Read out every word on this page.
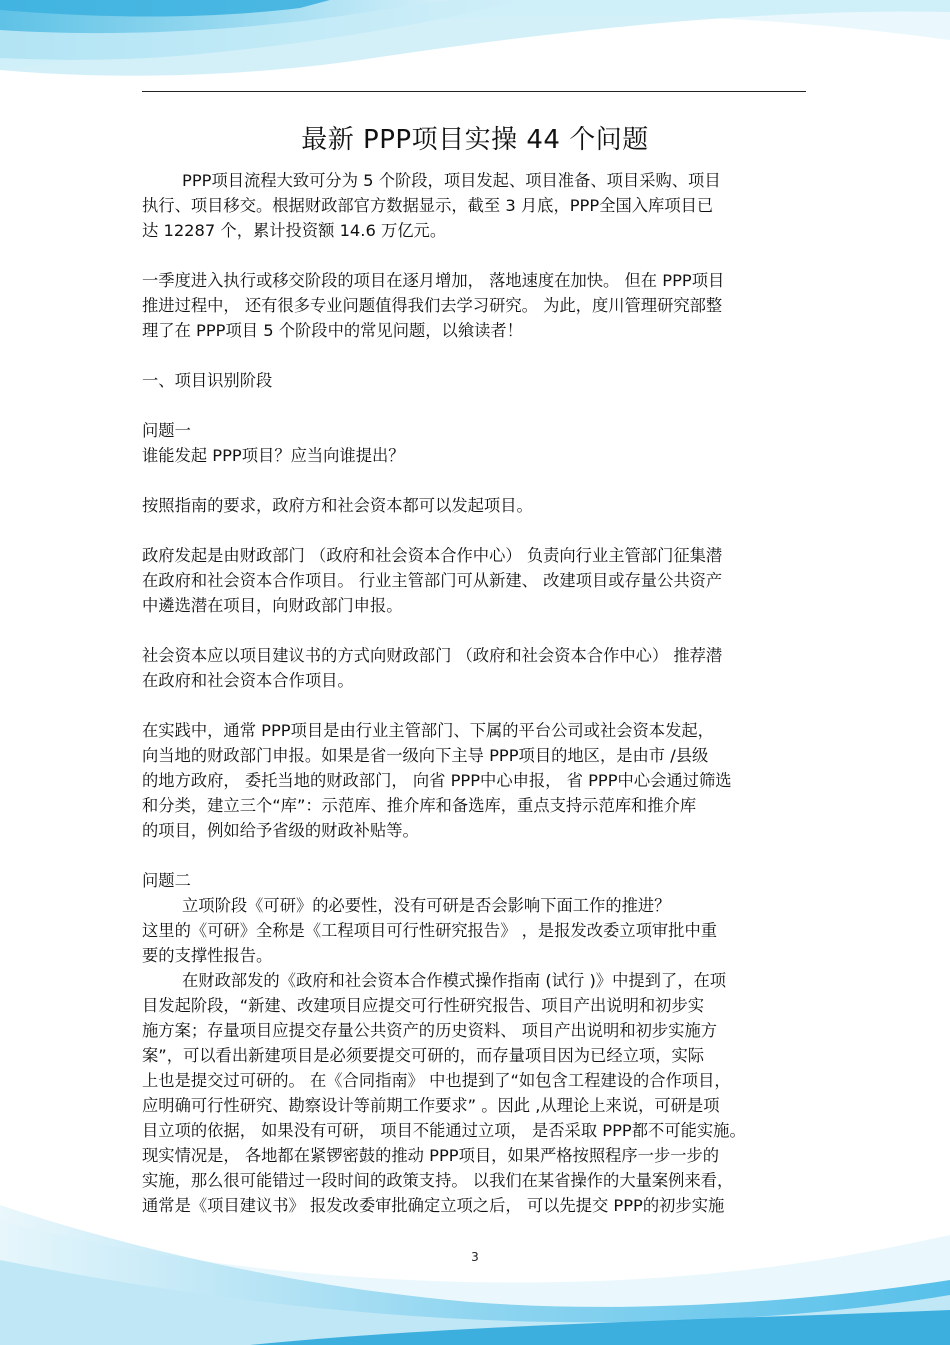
最新 PPP项目实操 44 个问题
PPP项目流程大致可分为 5 个阶段，项目发起、项目准备、项目采购、项目
执行、项目移交。根据财政部官方数据显示，截至 3 月底，PPP全国入库项目已
达 12287 个，累计投资额 14.6 万亿元。
一季度进入执行或移交阶段的项目在逐月增加， 落地速度在加快。 但在 PPP项目
推进过程中， 还有很多专业问题值得我们去学习研究。 为此，度川管理研究部整
理了在 PPP项目 5 个阶段中的常见问题，以飨读者！
一、项目识别阶段
问题一
谁能发起 PPP项目？应当向谁提出？
按照指南的要求，政府方和社会资本都可以发起项目。
政府发起是由财政部门 （政府和社会资本合作中心） 负责向行业主管部门征集潜
在政府和社会资本合作项目。 行业主管部门可从新建、 改建项目或存量公共资产
中遴选潜在项目，向财政部门申报。
社会资本应以项目建议书的方式向财政部门 （政府和社会资本合作中心） 推荐潜
在政府和社会资本合作项目。
在实践中，通常 PPP项目是由行业主管部门、下属的平台公司或社会资本发起，
向当地的财政部门申报。如果是省一级向下主导 PPP项目的地区，是由市 /县级
的地方政府， 委托当地的财政部门， 向省 PPP中心申报， 省 PPP中心会通过筛选
和分类，建立三个“库”：示范库、推介库和备选库，重点支持示范库和推介库
的项目，例如给予省级的财政补贴等。
问题二
立项阶段《可研》的必要性，没有可研是否会影响下面工作的推进？
这里的《可研》全称是《工程项目可行性研究报告》 ，是报发改委立项审批中重
要的支撑性报告。
在财政部发的《政府和社会资本合作模式操作指南 (试行 )》中提到了，在项
目发起阶段，“新建、改建项目应提交可行性研究报告、项目产出说明和初步实
施方案；存量项目应提交存量公共资产的历史资料、 项目产出说明和初步实施方
案”，可以看出新建项目是必须要提交可研的，而存量项目因为已经立项，实际
上也是提交过可研的。 在《合同指南》 中也提到了“如包含工程建设的合作项目，
应明确可行性研究、勘察设计等前期工作要求” 。因此 ,从理论上来说，可研是项
目立项的依据， 如果没有可研， 项目不能通过立项， 是否采取 PPP都不可能实施。
现实情况是， 各地都在紧锣密鼓的推动 PPP项目，如果严格按照程序一步一步的
实施，那么很可能错过一段时间的政策支持。 以我们在某省操作的大量案例来看，
通常是《项目建议书》 报发改委审批确定立项之后， 可以先提交 PPP的初步实施
3
